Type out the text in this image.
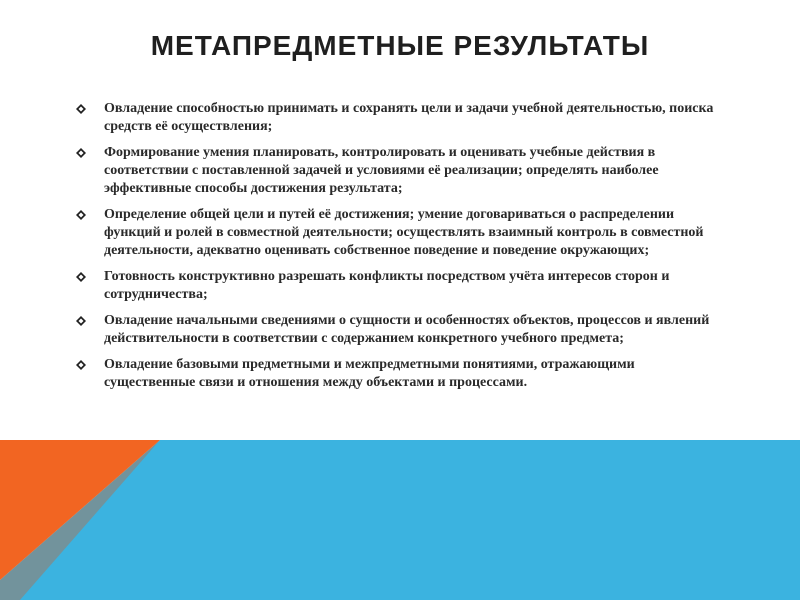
МЕТАПРЕДМЕТНЫЕ РЕЗУЛЬТАТЫ
Овладение способностью принимать и сохранять цели и задачи учебной деятельностью, поиска средств её осуществления;
Формирование умения планировать, контролировать и оценивать учебные действия в соответствии с поставленной задачей и условиями её реализации; определять наиболее эффективные способы достижения результата;
Определение общей цели и путей её достижения; умение договариваться о распределении функций и ролей в совместной деятельности; осуществлять взаимный контроль в совместной деятельности, адекватно оценивать собственное поведение и поведение окружающих;
Готовность конструктивно разрешать конфликты посредством учёта интересов сторон и сотрудничества;
Овладение начальными сведениями о сущности и особенностях объектов, процессов и явлений действительности в соответствии с содержанием конкретного учебного предмета;
Овладение базовыми предметными и межпредметными понятиями, отражающими существенные связи и отношения между объектами и процессами.
